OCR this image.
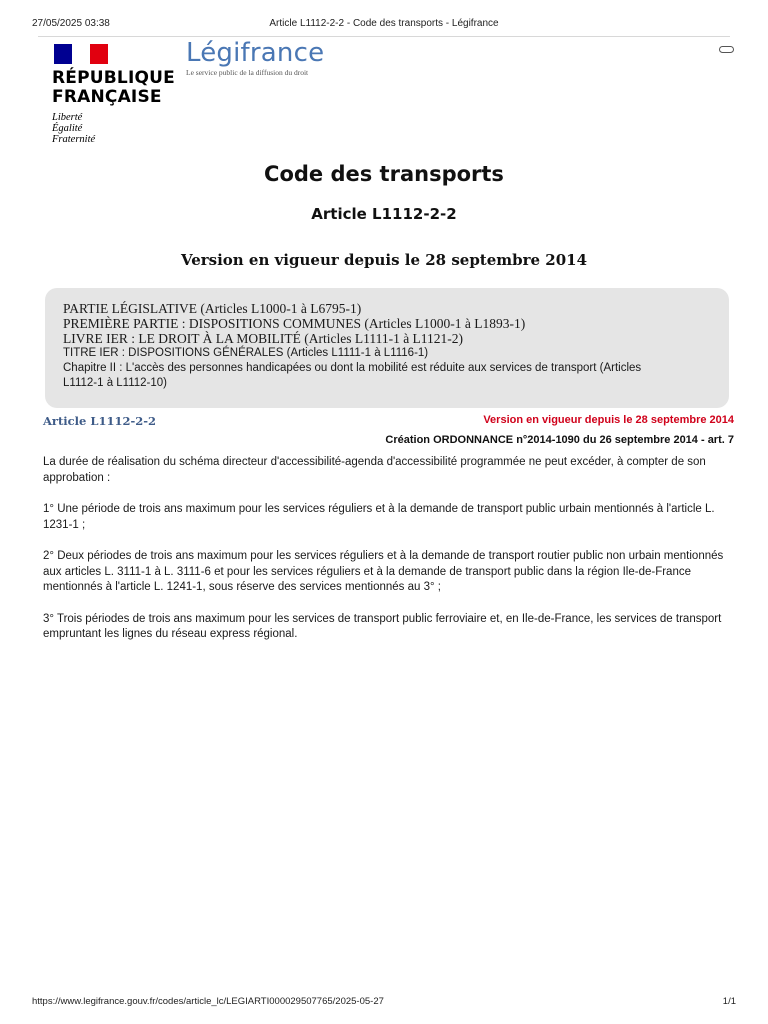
27/05/2025 03:38	Article L1112-2-2 - Code des transports - Légifrance
RÉPUBLIQUE
FRANÇAISE
Liberté
Égalité
Fraternité
Légifrance
Le service public de la diffusion du droit
Code des transports
Article L1112-2-2
Version en vigueur depuis le 28 septembre 2014
PARTIE LÉGISLATIVE (Articles L1000-1 à L6795-1)
PREMIÈRE PARTIE : DISPOSITIONS COMMUNES (Articles L1000-1 à L1893-1)
LIVRE IER : LE DROIT À LA MOBILITÉ (Articles L1111-1 à L1121-2)
TITRE IER : DISPOSITIONS GÉNÉRALES (Articles L1111-1 à L1116-1)
Chapitre II : L'accès des personnes handicapées ou dont la mobilité est réduite aux services de transport (Articles
L1112-1 à L1112-10)
Article L1112-2-2	Version en vigueur depuis le 28 septembre 2014
Création ORDONNANCE n°2014-1090 du 26 septembre 2014 - art. 7

La durée de réalisation du schéma directeur d'accessibilité-agenda d'accessibilité programmée ne peut excéder, à compter de son approbation :

1° Une période de trois ans maximum pour les services réguliers et à la demande de transport public urbain mentionnés à l'article L. 1231-1 ;

2° Deux périodes de trois ans maximum pour les services réguliers et à la demande de transport routier public non urbain mentionnés aux articles L. 3111-1 à L. 3111-6 et pour les services réguliers et à la demande de transport public dans la région Ile-de-France mentionnés à l'article L. 1241-1, sous réserve des services mentionnés au 3° ;

3° Trois périodes de trois ans maximum pour les services de transport public ferroviaire et, en Ile-de-France, les services de transport empruntant les lignes du réseau express régional.

https://www.legifrance.gouv.fr/codes/article_lc/LEGIARTI000029507765/2025-05-27	1/1
